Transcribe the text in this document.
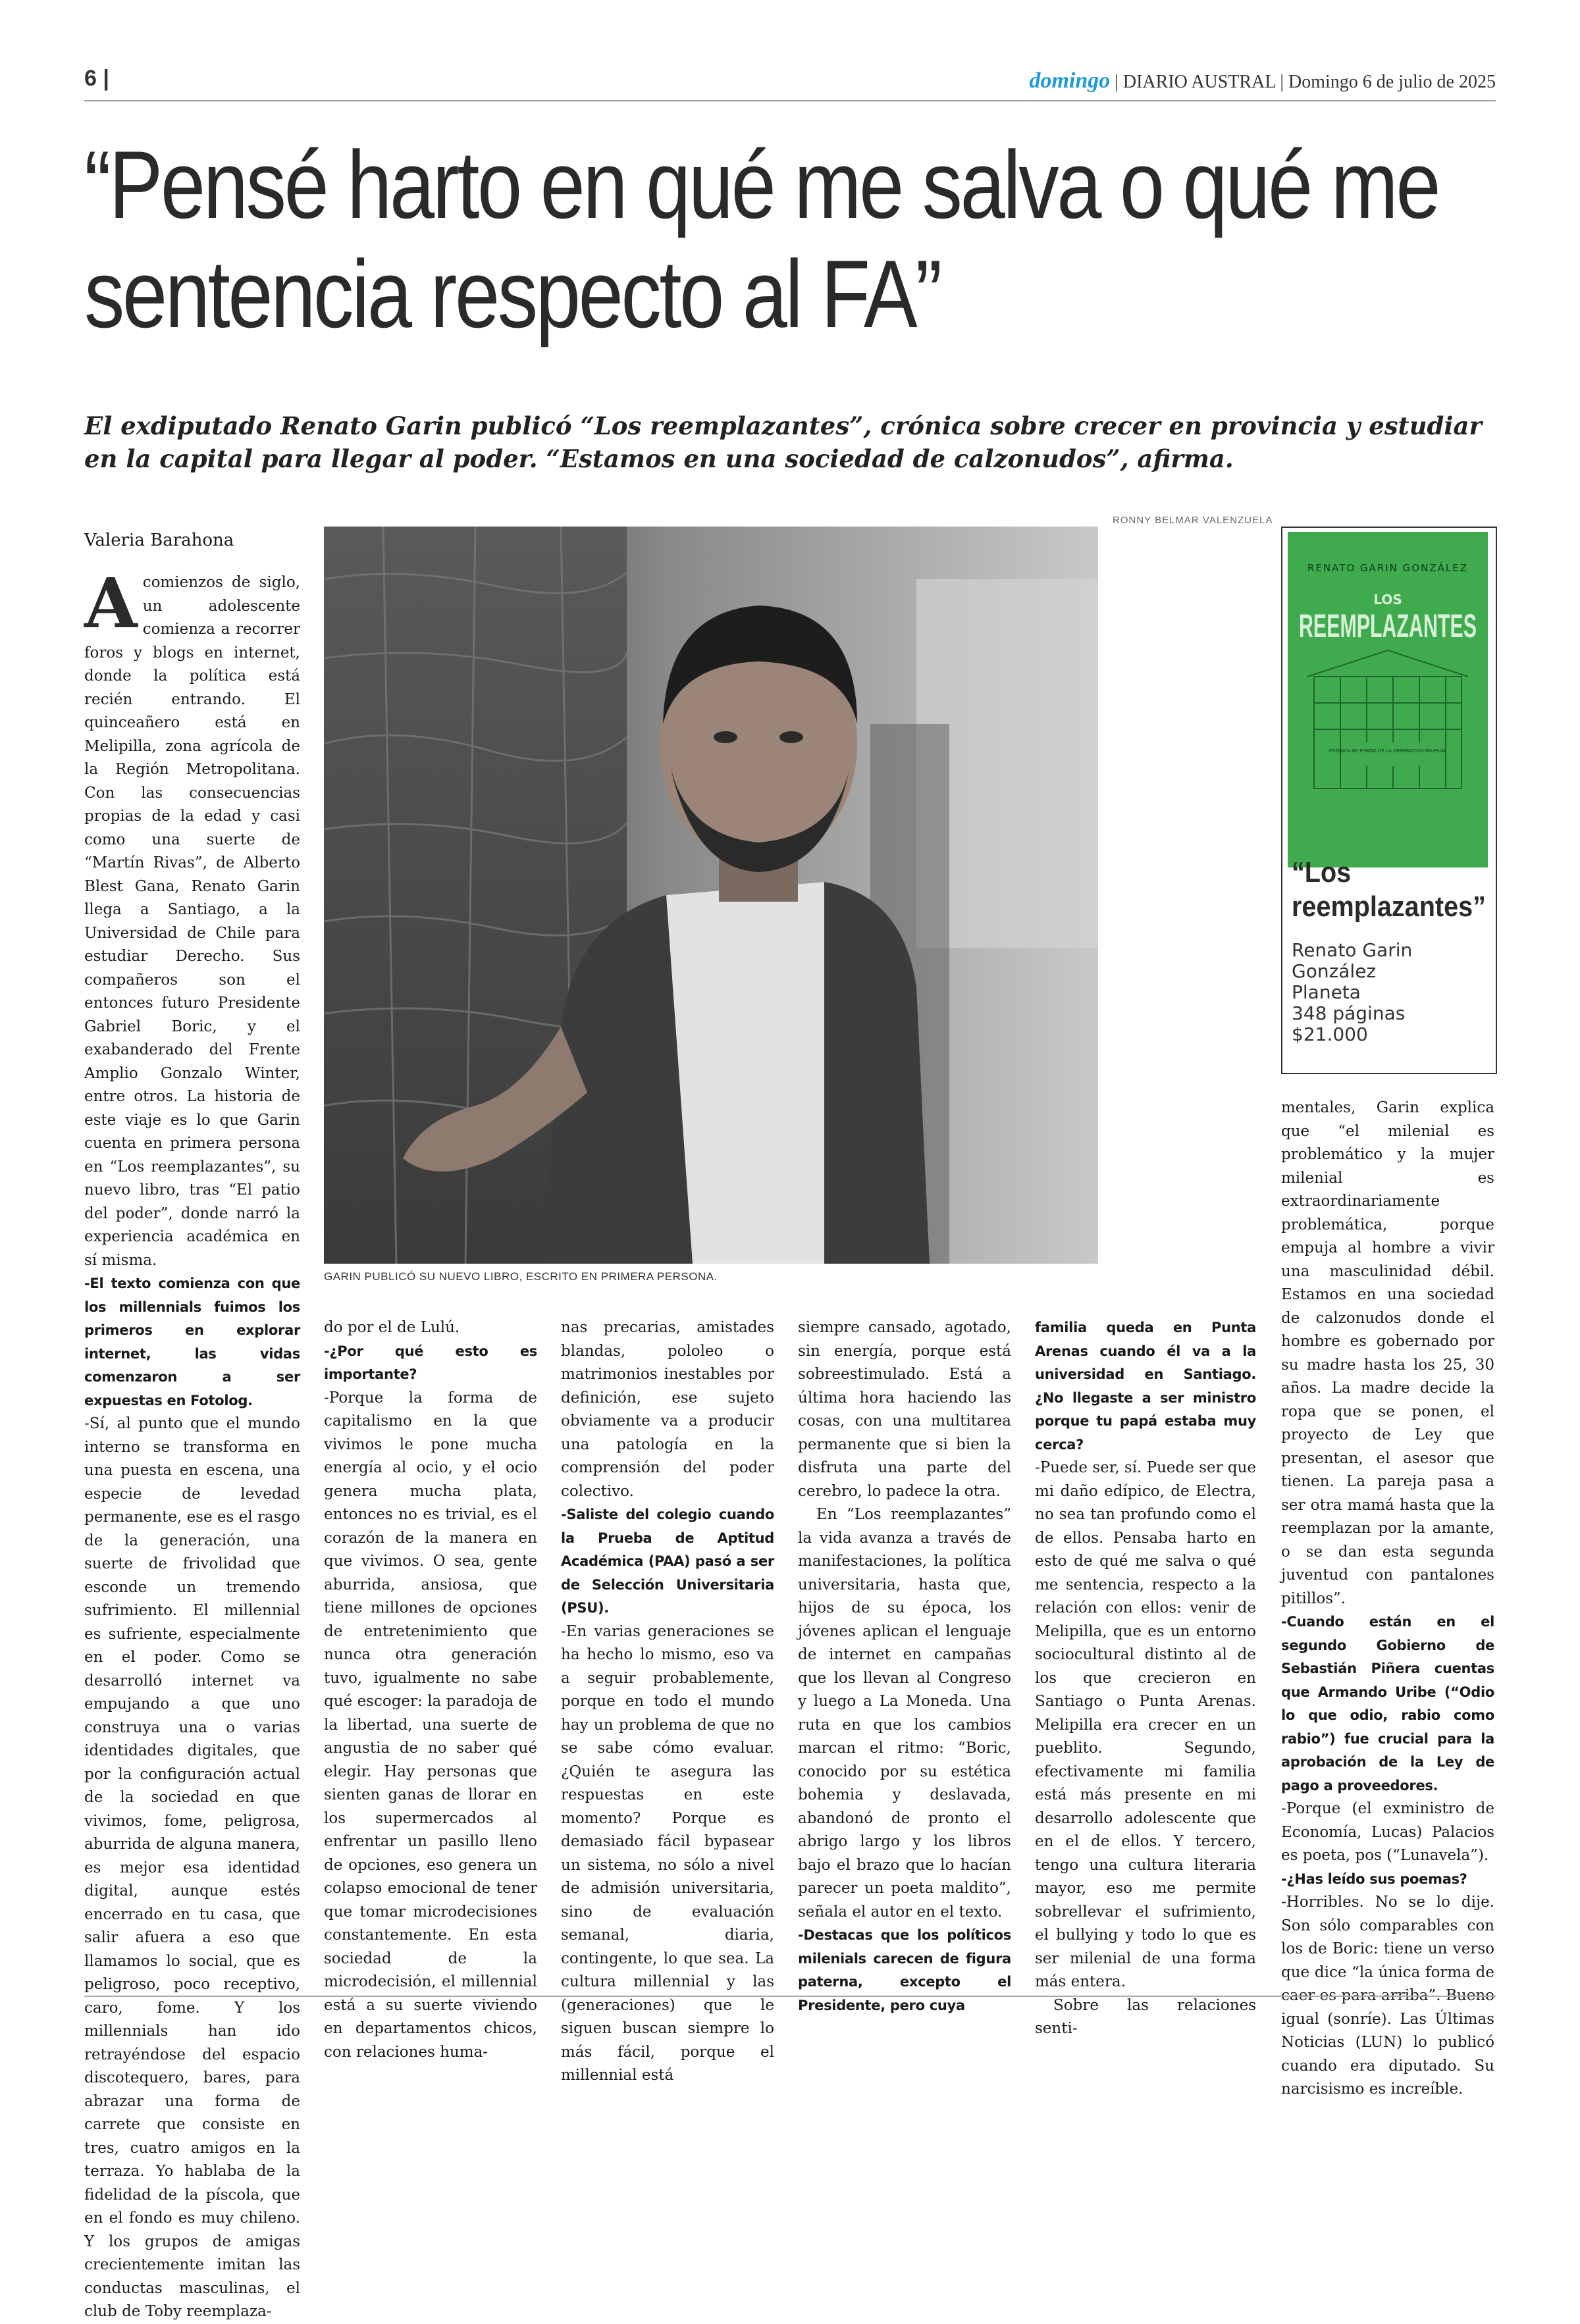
6 |	domingo | DIARIO AUSTRAL | Domingo 6 de julio de 2025
“Pensé harto en qué me salva o qué me sentencia respecto al FA”
El exdiputado Renato Garin publicó “Los reemplazantes”, crónica sobre crecer en provincia y estudiar en la capital para llegar al poder. “Estamos en una sociedad de calzonudos”, afirma.
Valeria Barahona
RONNY BELMAR VALENZUELA
GARIN PUBLICÓ SU NUEVO LIBRO, ESCRITO EN PRIMERA PERSONA.
RENATO GARIN GONZÁLEZ
LOS
REEMPLAZANTES
CRÓNICA DE FONDO DE LA GENERACIÓN MILENIAL
“Los reemplazantes”
Renato Garin
González
Planeta
348 páginas
$21.000

Acomienzos de siglo, un adolescente comienza a recorrer foros y blogs en internet, donde la política está recién entrando. El quinceañero está en Melipilla, zona agrícola de la Región Metropolitana. Con las consecuencias propias de la edad y casi como una suerte de “Martín Rivas”, de Alberto Blest Gana, Renato Garin llega a Santiago, a la Universidad de Chile para estudiar Derecho. Sus compañeros son el entonces futuro Presidente Gabriel Boric, y el exabanderado del Frente Amplio Gonzalo Winter, entre otros. La historia de este viaje es lo que Garin cuenta en primera persona en “Los reemplazantes”, su nuevo libro, tras “El patio del poder”, donde narró la experiencia académica en sí misma.

-El texto comienza con que los millennials fuimos los primeros en explorar internet, las vidas comenzaron a ser expuestas en Fotolog.

-Sí, al punto que el mundo interno se transforma en una puesta en escena, una especie de levedad permanente, ese es el rasgo de la generación, una suerte de frivolidad que esconde un tremendo sufrimiento. El millennial es sufriente, especialmente en el poder. Como se desarrolló internet va empujando a que uno construya una o varias identidades digitales, que por la configuración actual de la sociedad en que vivimos, fome, peligrosa, aburrida de alguna manera, es mejor esa identidad digital, aunque estés encerrado en tu casa, que salir afuera a eso que llamamos lo social, que es peligroso, poco receptivo, caro, fome. Y los millennials han ido retrayéndose del espacio discotequero, bares, para abrazar una forma de carrete que consiste en tres, cuatro amigos en la terraza. Yo hablaba de la fidelidad de la píscola, que en el fondo es muy chileno. Y los grupos de amigas crecientemente imitan las conductas masculinas, el club de Toby reemplaza-

do por el de Lulú.

-¿Por qué esto es importante?

-Porque la forma de capitalismo en la que vivimos le pone mucha energía al ocio, y el ocio genera mucha plata, entonces no es trivial, es el corazón de la manera en que vivimos. O sea, gente aburrida, ansiosa, que tiene millones de opciones de entretenimiento que nunca otra generación tuvo, igualmente no sabe qué escoger: la paradoja de la libertad, una suerte de angustia de no saber qué elegir. Hay personas que sienten ganas de llorar en los supermercados al enfrentar un pasillo lleno de opciones, eso genera un colapso emocional de tener que tomar microdecisiones constantemente. En esta sociedad de la microdecisión, el millennial está a su suerte viviendo en departamentos chicos, con relaciones huma-

nas precarias, amistades blandas, pololeo o matrimonios inestables por definición, ese sujeto obviamente va a producir una patología en la comprensión del poder colectivo.

-Saliste del colegio cuando la Prueba de Aptitud Académica (PAA) pasó a ser de Selección Universitaria (PSU).

-En varias generaciones se ha hecho lo mismo, eso va a seguir probablemente, porque en todo el mundo hay un problema de que no se sabe cómo evaluar. ¿Quién te asegura las respuestas en este momento? Porque es demasiado fácil bypasear un sistema, no sólo a nivel de admisión universitaria, sino de evaluación semanal, diaria, contingente, lo que sea. La cultura millennial y las (generaciones) que le siguen buscan siempre lo más fácil, porque el millennial está

siempre cansado, agotado, sin energía, porque está sobreestimulado. Está a última hora haciendo las cosas, con una multitarea permanente que si bien la disfruta una parte del cerebro, lo padece la otra.

En “Los reemplazantes” la vida avanza a través de manifestaciones, la política universitaria, hasta que, hijos de su época, los jóvenes aplican el lenguaje de internet en campañas que los llevan al Congreso y luego a La Moneda. Una ruta en que los cambios marcan el ritmo: “Boric, conocido por su estética bohemia y deslavada, abandonó de pronto el abrigo largo y los libros bajo el brazo que lo hacían parecer un poeta maldito”, señala el autor en el texto.

-Destacas que los políticos milenials carecen de figura paterna, excepto el Presidente, pero cuya

familia queda en Punta Arenas cuando él va a la universidad en Santiago. ¿No llegaste a ser ministro porque tu papá estaba muy cerca?

-Puede ser, sí. Puede ser que mi daño edípico, de Electra, no sea tan profundo como el de ellos. Pensaba harto en esto de qué me salva o qué me sentencia, respecto a la relación con ellos: venir de Melipilla, que es un entorno sociocultural distinto al de los que crecieron en Santiago o Punta Arenas. Melipilla era crecer en un pueblito. Segundo, efectivamente mi familia está más presente en mi desarrollo adolescente que en el de ellos. Y tercero, tengo una cultura literaria mayor, eso me permite sobrellevar el sufrimiento, el bullying y todo lo que es ser milenial de una forma más entera.

Sobre las relaciones senti-

mentales, Garin explica que “el milenial es problemático y la mujer milenial es extraordinariamente problemática, porque empuja al hombre a vivir una masculinidad débil. Estamos en una sociedad de calzonudos donde el hombre es gobernado por su madre hasta los 25, 30 años. La madre decide la ropa que se ponen, el proyecto de Ley que presentan, el asesor que tienen. La pareja pasa a ser otra mamá hasta que la reemplazan por la amante, o se dan esta segunda juventud con pantalones pitillos”.

-Cuando están en el segundo Gobierno de Sebastián Piñera cuentas que Armando Uribe (“Odio lo que odio, rabio como rabio”) fue crucial para la aprobación de la Ley de pago a proveedores.

-Porque (el exministro de Economía, Lucas) Palacios es poeta, pos (“Lunavela”).

-¿Has leído sus poemas?

-Horribles. No se lo dije. Son sólo comparables con los de Boric: tiene un verso que dice “la única forma de caer es para arriba”. Bueno igual (sonríe). Las Últimas Noticias (LUN) lo publicó cuando era diputado. Su narcisismo es increíble.
